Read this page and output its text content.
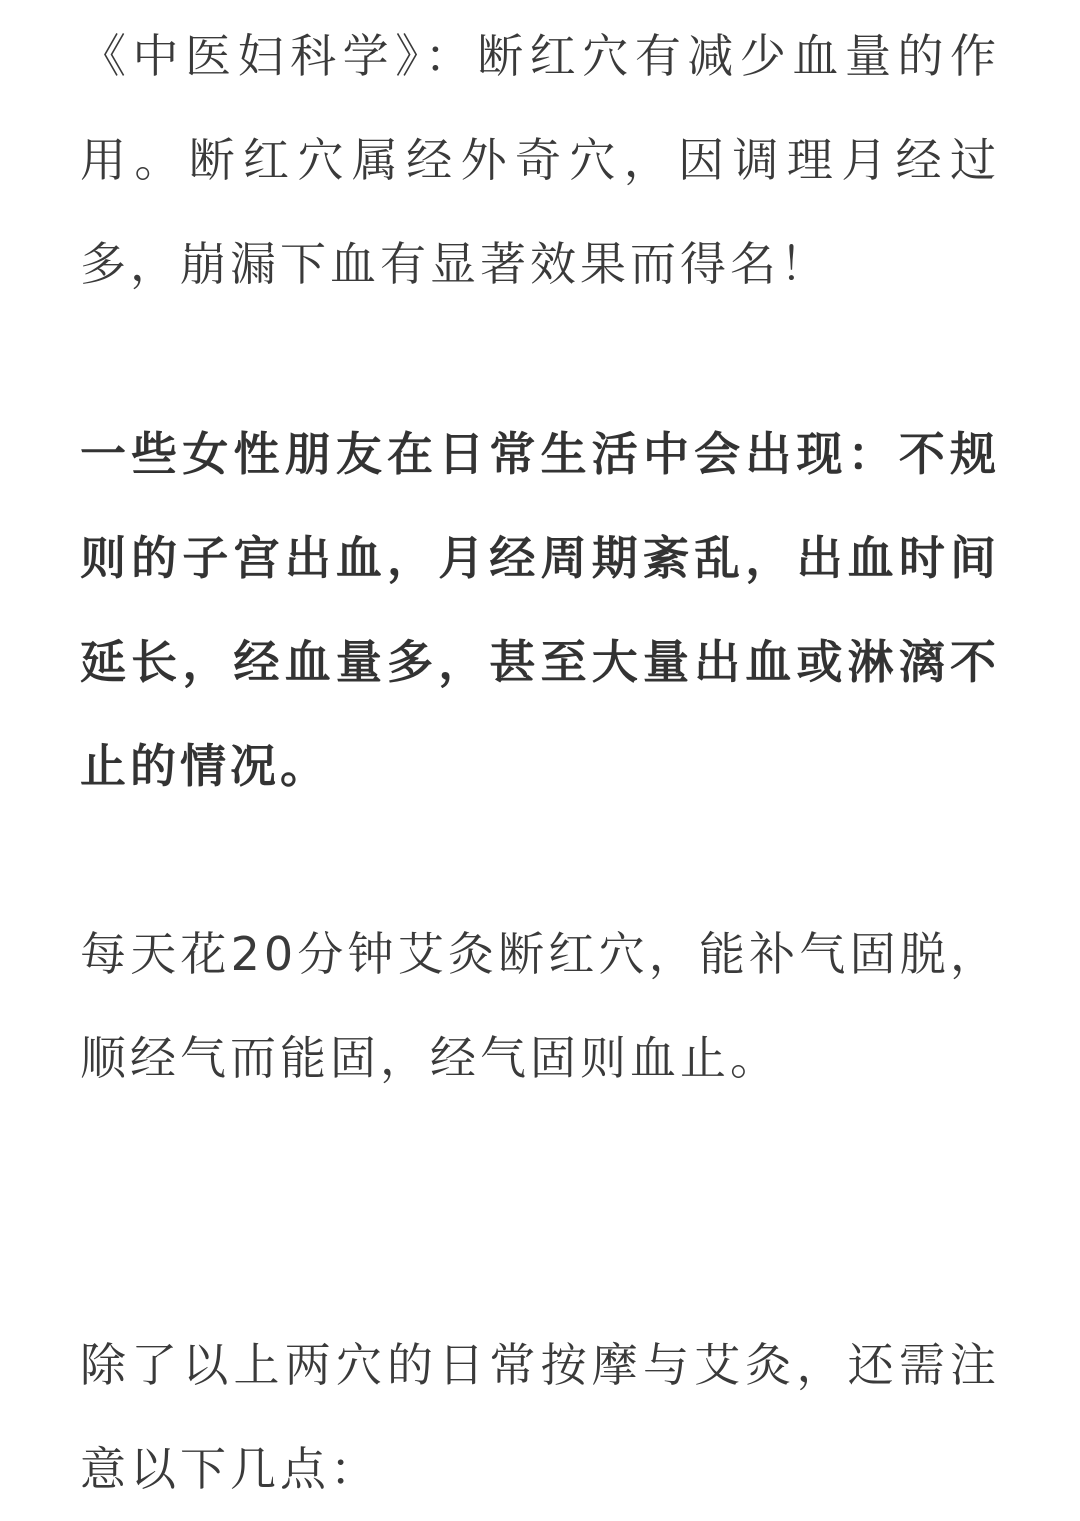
《中医妇科学》：断红穴有减少血量的作用。断红穴属经外奇穴，因调理月经过多，崩漏下血有显著效果而得名！

一些女性朋友在日常生活中会出现：不规则的子宫出血，月经周期紊乱，出血时间延长，经血量多，甚至大量出血或淋漓不止的情况。

每天花20分钟艾灸断红穴，能补气固脱，顺经气而能固，经气固则血止。

除了以上两穴的日常按摩与艾灸，还需注意以下几点：
